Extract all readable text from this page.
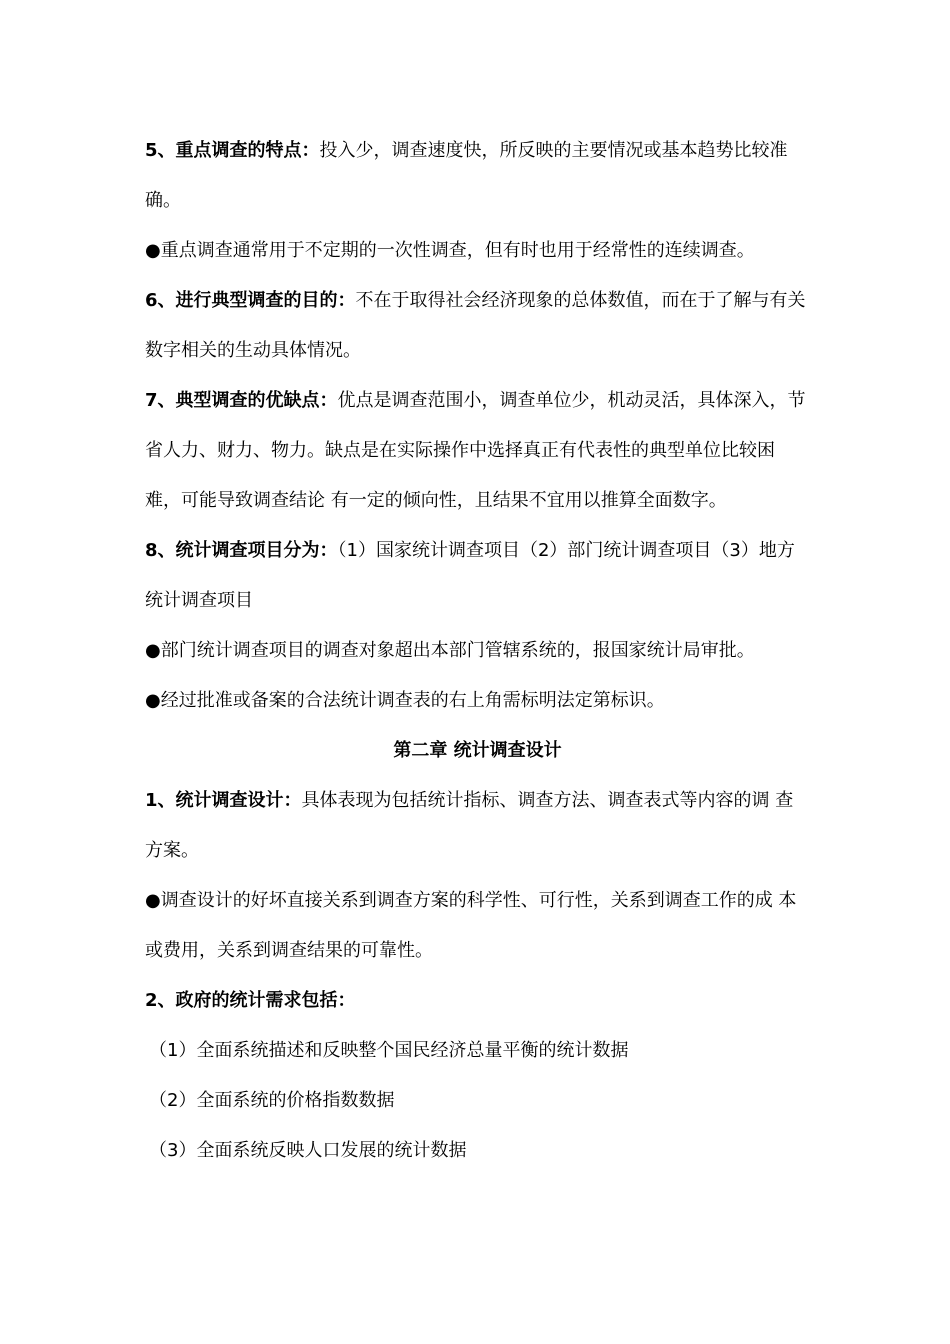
5、重点调查的特点：投入少，调查速度快，所反映的主要情况或基本趋势比较准确。

●重点调查通常用于不定期的一次性调查，但有时也用于经常性的连续调查。

6、进行典型调查的目的：不在于取得社会经济现象的总体数值，而在于了解与有关数字相关的生动具体情况。

7、典型调查的优缺点：优点是调查范围小，调查单位少，机动灵活，具体深入，节省人力、财力、物力。缺点是在实际操作中选择真正有代表性的典型单位比较困难，可能导致调查结论 有一定的倾向性，且结果不宜用以推算全面数字。

8、统计调查项目分为：（1）国家统计调查项目（2）部门统计调查项目（3）地方统计调查项目

●部门统计调查项目的调查对象超出本部门管辖系统的，报国家统计局审批。

●经过批准或备案的合法统计调查表的右上角需标明法定第标识。

第二章 统计调查设计

1、统计调查设计：具体表现为包括统计指标、调查方法、调查表式等内容的调 查方案。

●调查设计的好坏直接关系到调查方案的科学性、可行性，关系到调查工作的成 本或费用，关系到调查结果的可靠性。

2、政府的统计需求包括：

（1）全面系统描述和反映整个国民经济总量平衡的统计数据

（2）全面系统的价格指数数据

（3）全面系统反映人口发展的统计数据
